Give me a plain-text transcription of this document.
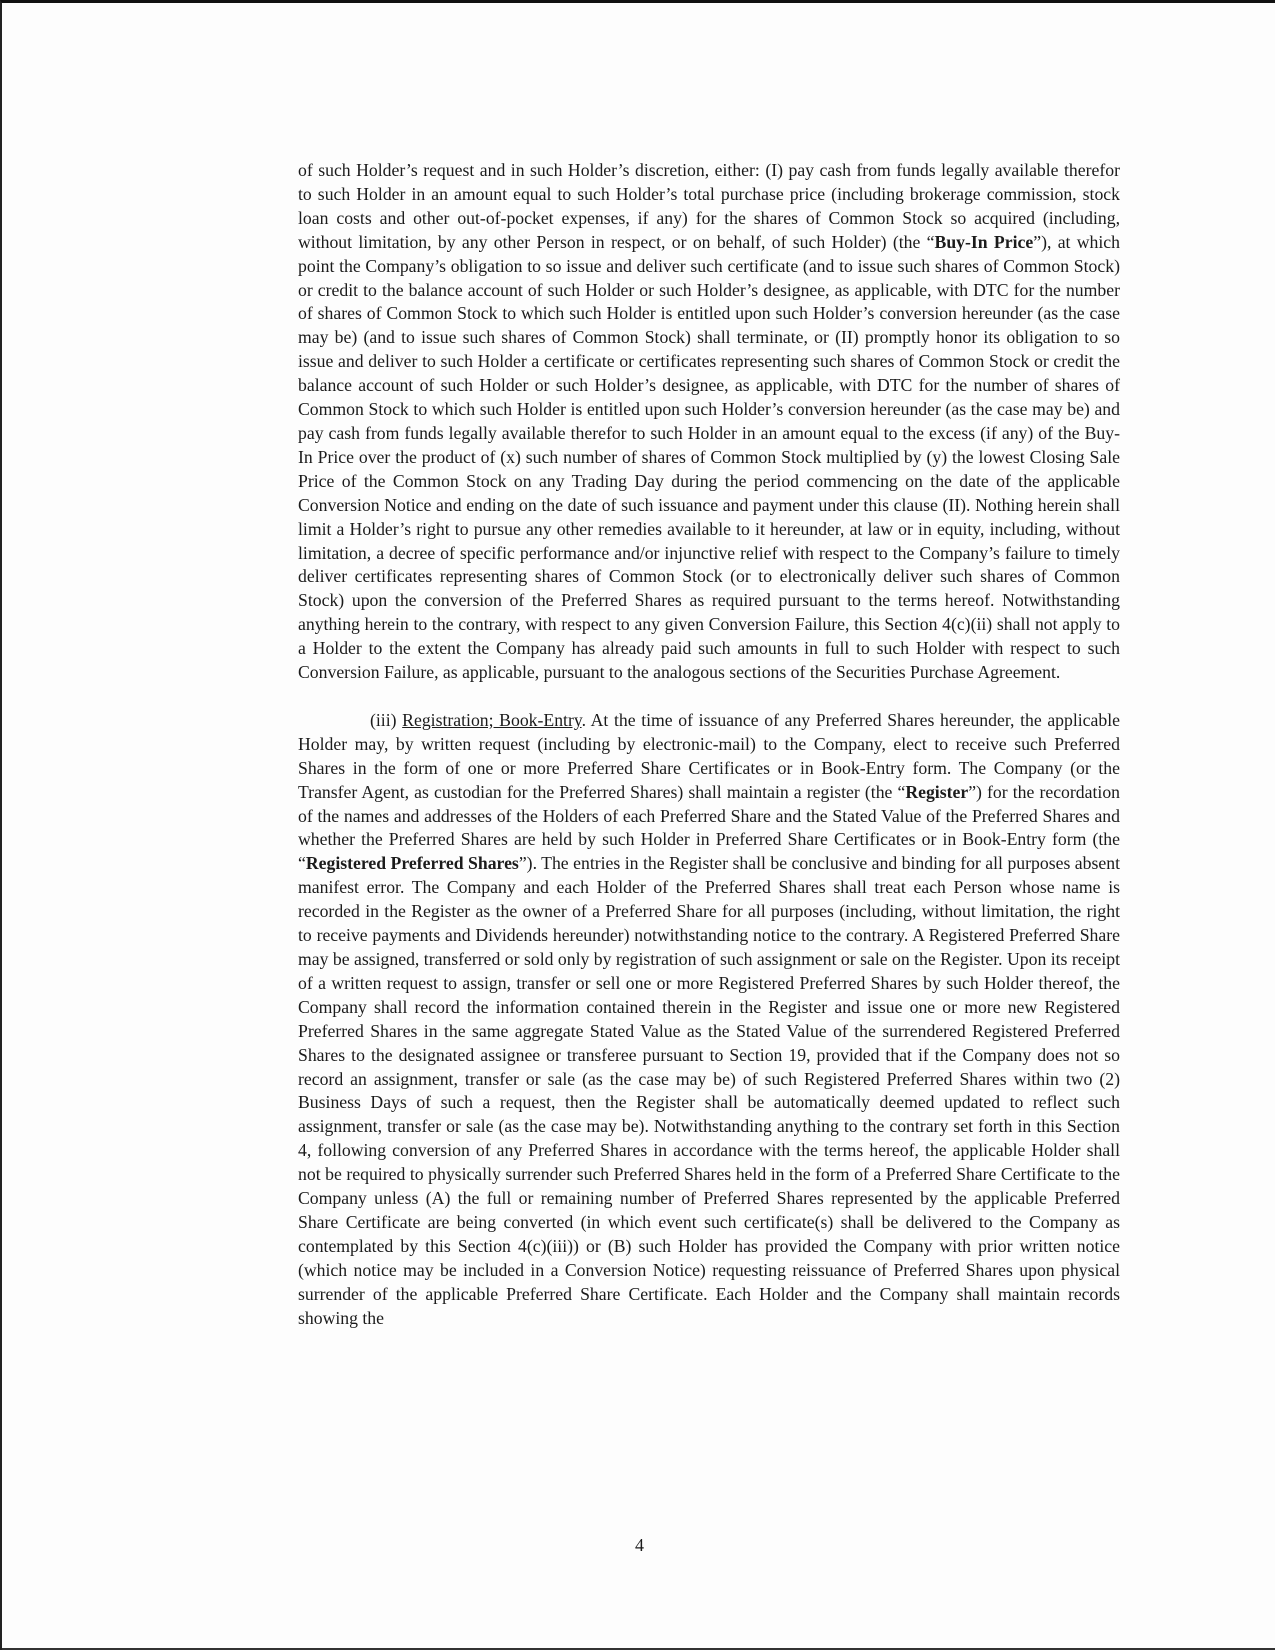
of such Holder’s request and in such Holder’s discretion, either: (I) pay cash from funds legally available therefor to such Holder in an amount equal to such Holder’s total purchase price (including brokerage commission, stock loan costs and other out-of-pocket expenses, if any) for the shares of Common Stock so acquired (including, without limitation, by any other Person in respect, or on behalf, of such Holder) (the “Buy-In Price”), at which point the Company’s obligation to so issue and deliver such certificate (and to issue such shares of Common Stock) or credit to the balance account of such Holder or such Holder’s designee, as applicable, with DTC for the number of shares of Common Stock to which such Holder is entitled upon such Holder’s conversion hereunder (as the case may be) (and to issue such shares of Common Stock) shall terminate, or (II) promptly honor its obligation to so issue and deliver to such Holder a certificate or certificates representing such shares of Common Stock or credit the balance account of such Holder or such Holder’s designee, as applicable, with DTC for the number of shares of Common Stock to which such Holder is entitled upon such Holder’s conversion hereunder (as the case may be) and pay cash from funds legally available therefor to such Holder in an amount equal to the excess (if any) of the Buy-In Price over the product of (x) such number of shares of Common Stock multiplied by (y) the lowest Closing Sale Price of the Common Stock on any Trading Day during the period commencing on the date of the applicable Conversion Notice and ending on the date of such issuance and payment under this clause (II). Nothing herein shall limit a Holder’s right to pursue any other remedies available to it hereunder, at law or in equity, including, without limitation, a decree of specific performance and/or injunctive relief with respect to the Company’s failure to timely deliver certificates representing shares of Common Stock (or to electronically deliver such shares of Common Stock) upon the conversion of the Preferred Shares as required pursuant to the terms hereof. Notwithstanding anything herein to the contrary, with respect to any given Conversion Failure, this Section 4(c)(ii) shall not apply to a Holder to the extent the Company has already paid such amounts in full to such Holder with respect to such Conversion Failure, as applicable, pursuant to the analogous sections of the Securities Purchase Agreement.

(iii) Registration; Book-Entry. At the time of issuance of any Preferred Shares hereunder, the applicable Holder may, by written request (including by electronic-mail) to the Company, elect to receive such Preferred Shares in the form of one or more Preferred Share Certificates or in Book-Entry form. The Company (or the Transfer Agent, as custodian for the Preferred Shares) shall maintain a register (the “Register”) for the recordation of the names and addresses of the Holders of each Preferred Share and the Stated Value of the Preferred Shares and whether the Preferred Shares are held by such Holder in Preferred Share Certificates or in Book-Entry form (the “Registered Preferred Shares”). The entries in the Register shall be conclusive and binding for all purposes absent manifest error. The Company and each Holder of the Preferred Shares shall treat each Person whose name is recorded in the Register as the owner of a Preferred Share for all purposes (including, without limitation, the right to receive payments and Dividends hereunder) notwithstanding notice to the contrary. A Registered Preferred Share may be assigned, transferred or sold only by registration of such assignment or sale on the Register. Upon its receipt of a written request to assign, transfer or sell one or more Registered Preferred Shares by such Holder thereof, the Company shall record the information contained therein in the Register and issue one or more new Registered Preferred Shares in the same aggregate Stated Value as the Stated Value of the surrendered Registered Preferred Shares to the designated assignee or transferee pursuant to Section 19, provided that if the Company does not so record an assignment, transfer or sale (as the case may be) of such Registered Preferred Shares within two (2) Business Days of such a request, then the Register shall be automatically deemed updated to reflect such assignment, transfer or sale (as the case may be). Notwithstanding anything to the contrary set forth in this Section 4, following conversion of any Preferred Shares in accordance with the terms hereof, the applicable Holder shall not be required to physically surrender such Preferred Shares held in the form of a Preferred Share Certificate to the Company unless (A) the full or remaining number of Preferred Shares represented by the applicable Preferred Share Certificate are being converted (in which event such certificate(s) shall be delivered to the Company as contemplated by this Section 4(c)(iii)) or (B) such Holder has provided the Company with prior written notice (which notice may be included in a Conversion Notice) requesting reissuance of Preferred Shares upon physical surrender of the applicable Preferred Share Certificate. Each Holder and the Company shall maintain records showing the

4
